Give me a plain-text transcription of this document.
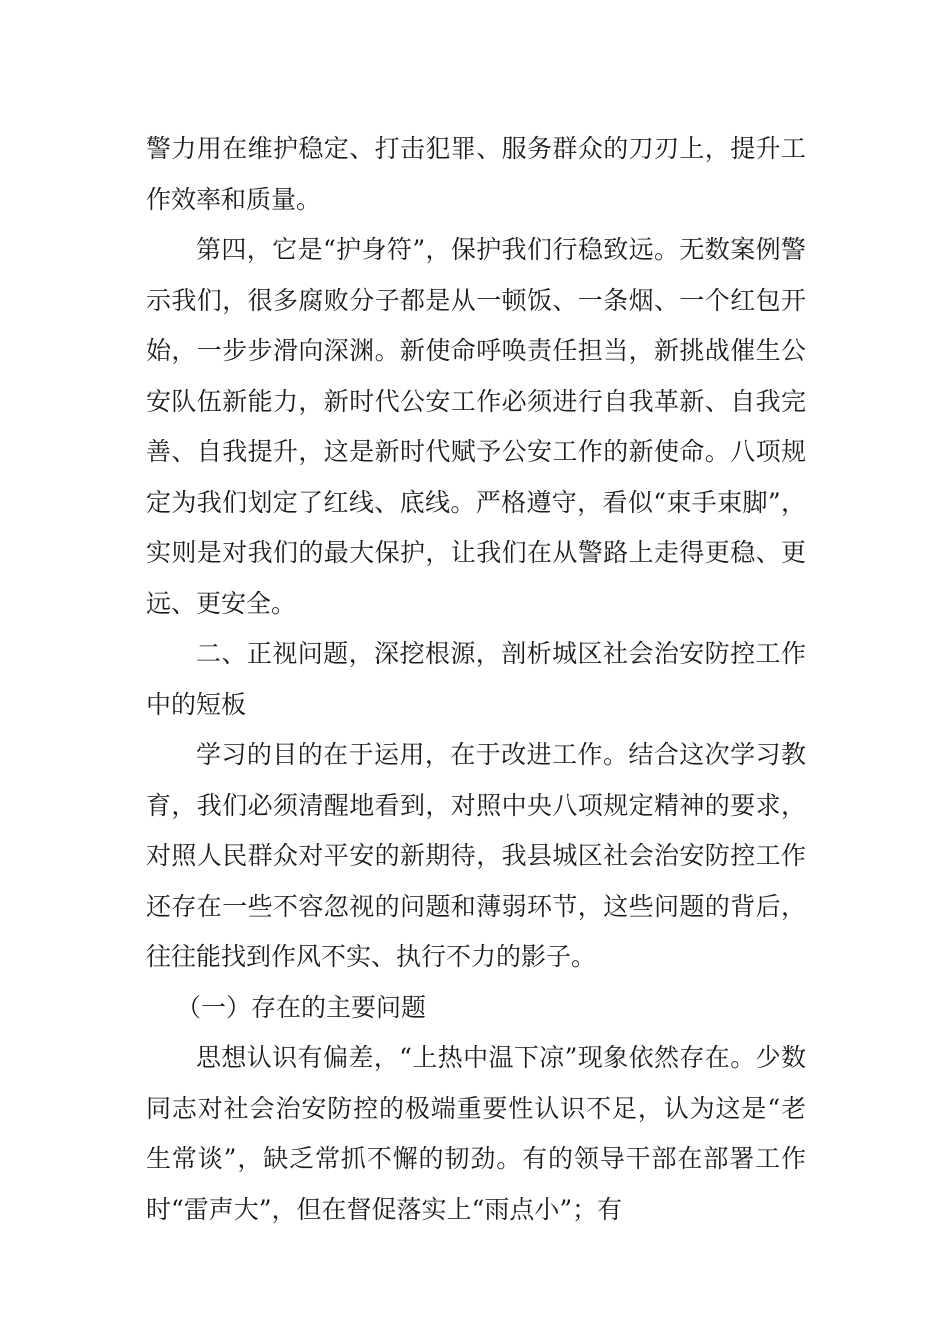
警力用在维护稳定、打击犯罪、服务群众的刀刃上，提升工作效率和质量。

第四，它是“护身符”，保护我们行稳致远。无数案例警示我们，很多腐败分子都是从一顿饭、一条烟、一个红包开始，一步步滑向深渊。新使命呼唤责任担当，新挑战催生公安队伍新能力，新时代公安工作必须进行自我革新、自我完善、自我提升，这是新时代赋予公安工作的新使命。八项规定为我们划定了红线、底线。严格遵守，看似“束手束脚”，实则是对我们的最大保护，让我们在从警路上走得更稳、更远、更安全。

二、正视问题，深挖根源，剖析城区社会治安防控工作中的短板

学习的目的在于运用，在于改进工作。结合这次学习教育，我们必须清醒地看到，对照中央八项规定精神的要求，对照人民群众对平安的新期待，我县城区社会治安防控工作还存在一些不容忽视的问题和薄弱环节，这些问题的背后，往往能找到作风不实、执行不力的影子。

（一）存在的主要问题

思想认识有偏差，“上热中温下凉”现象依然存在。少数同志对社会治安防控的极端重要性认识不足，认为这是“老生常谈”，缺乏常抓不懈的韧劲。有的领导干部在部署工作时“雷声大”，但在督促落实上“雨点小”；有
